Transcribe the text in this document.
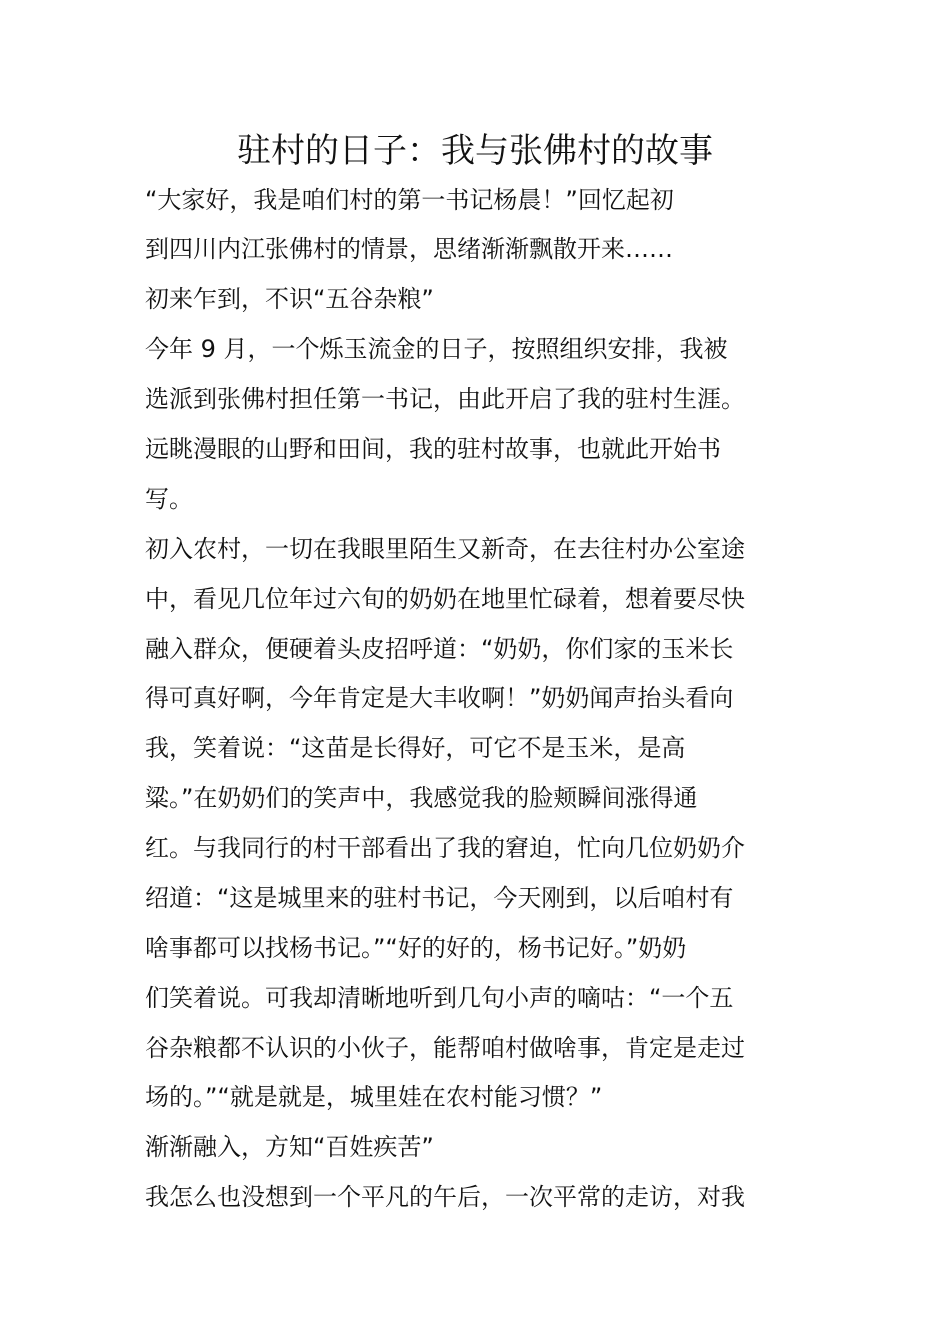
驻村的日子：我与张佛村的故事
“大家好，我是咱们村的第一书记杨晨！”回忆起初
到四川内江张佛村的情景，思绪渐渐飘散开来……
初来乍到，不识“五谷杂粮”
今年 9 月，一个烁玉流金的日子，按照组织安排，我被
选派到张佛村担任第一书记，由此开启了我的驻村生涯。
远眺漫眼的山野和田间，我的驻村故事，也就此开始书
写。
初入农村，一切在我眼里陌生又新奇，在去往村办公室途
中，看见几位年过六旬的奶奶在地里忙碌着，想着要尽快
融入群众，便硬着头皮招呼道：“奶奶，你们家的玉米长
得可真好啊，今年肯定是大丰收啊！”奶奶闻声抬头看向
我，笑着说：“这苗是长得好，可它不是玉米，是高
粱。”在奶奶们的笑声中，我感觉我的脸颊瞬间涨得通
红。与我同行的村干部看出了我的窘迫，忙向几位奶奶介
绍道：“这是城里来的驻村书记，今天刚到，以后咱村有
啥事都可以找杨书记。”“好的好的，杨书记好。”奶奶
们笑着说。可我却清晰地听到几句小声的嘀咕：“一个五
谷杂粮都不认识的小伙子，能帮咱村做啥事，肯定是走过
场的。”“就是就是，城里娃在农村能习惯？”
渐渐融入，方知“百姓疾苦”
我怎么也没想到一个平凡的午后，一次平常的走访，对我
